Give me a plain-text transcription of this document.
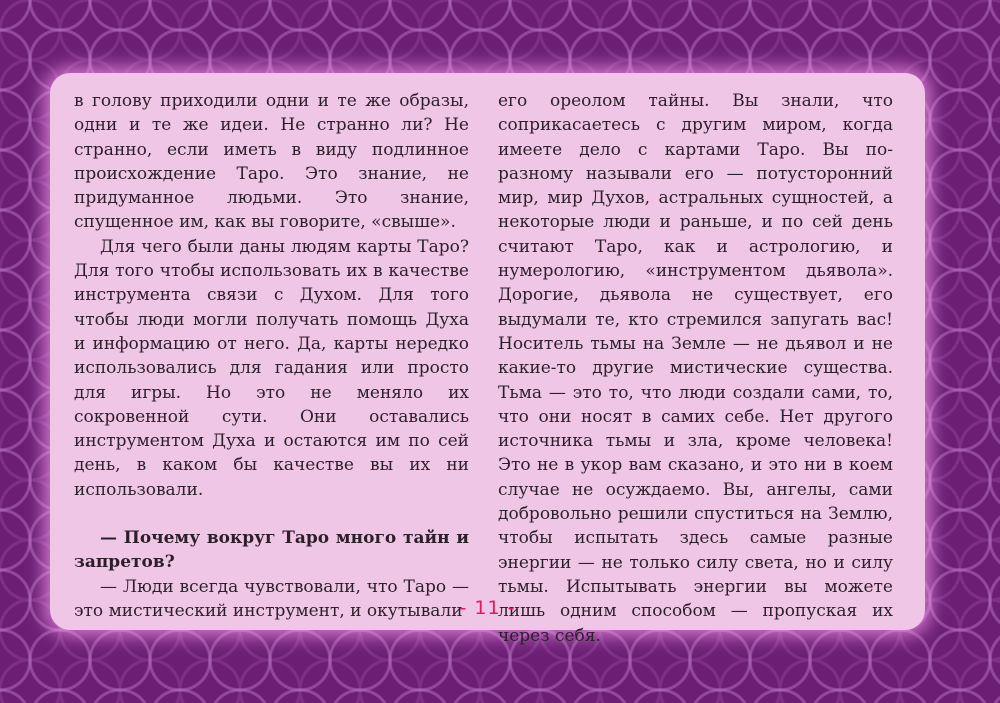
в голову приходили одни и те же образы, одни и те же идеи. Не странно ли? Не странно, если иметь в виду подлинное происхождение Таро. Это знание, не придуманное людьми. Это знание, спущенное им, как вы говорите, «свыше».

Для чего были даны людям карты Таро? Для того чтобы использовать их в качестве инструмента связи с Духом. Для того чтобы люди могли получать помощь Духа и информацию от него. Да, карты нередко использовались для гадания или просто для игры. Но это не меняло их сокровенной сути. Они оставались инструментом Духа и остаются им по сей день, в каком бы качестве вы их ни использовали.

— Почему вокруг Таро много тайн и запретов?

— Люди всегда чувствовали, что Таро — это мистический инструмент, и окутывали

его ореолом тайны. Вы знали, что соприкасаетесь с другим миром, когда имеете дело с картами Таро. Вы по-разному называли его — потусторонний мир, мир Духов, астральных сущностей, а некоторые люди и раньше, и по сей день считают Таро, как и астрологию, и нумерологию, «инструментом дьявола». Дорогие, дьявола не существует, его выдумали те, кто стремился запугать вас! Носитель тьмы на Земле — не дьявол и не какие-то другие мистические существа. Тьма — это то, что люди создали сами, то, что они носят в самих себе. Нет другого источника тьмы и зла, кроме человека! Это не в укор вам сказано, и это ни в коем случае не осуждаемо. Вы, ангелы, сами добровольно решили спуститься на Землю, чтобы испытать здесь самые разные энергии — не только силу света, но и силу тьмы. Испытывать энергии вы можете лишь одним способом — пропуская их через себя.

- 11 -
